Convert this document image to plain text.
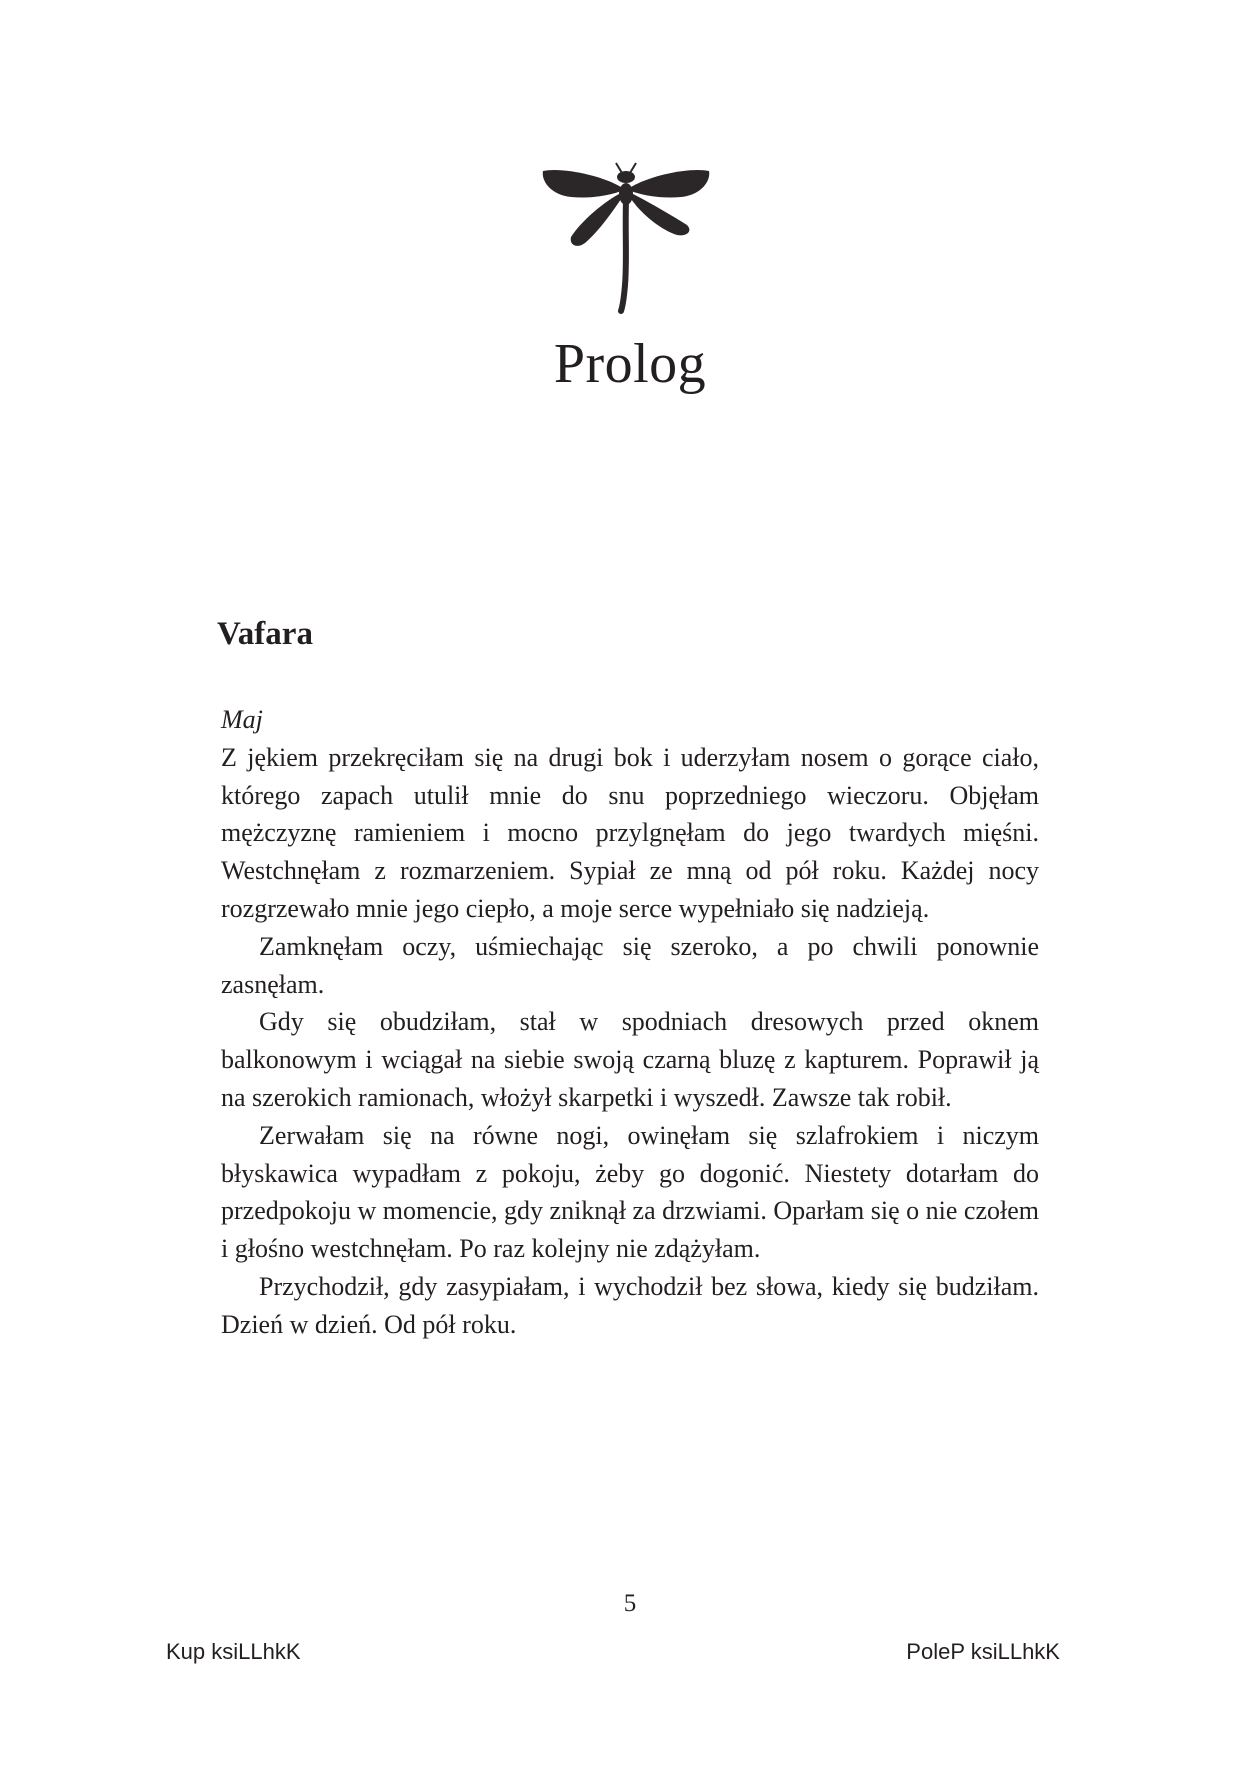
Prolog
Vafara

Maj

Z jękiem przekręciłam się na drugi bok i uderzyłam nosem o gorące ciało, którego zapach utulił mnie do snu poprzedniego wieczoru. Objęłam mężczyznę ramieniem i mocno przylgnęłam do jego twardych mięśni. Westchnęłam z rozmarzeniem. Sypiał ze mną od pół roku. Każdej nocy rozgrzewało mnie jego ciepło, a moje serce wypełniało się nadzieją.

Zamknęłam oczy, uśmiechając się szeroko, a po chwili ponownie zasnęłam.

Gdy się obudziłam, stał w spodniach dresowych przed oknem balkonowym i wciągał na siebie swoją czarną bluzę z kapturem. Poprawił ją na szerokich ramionach, włożył skarpetki i wyszedł. Zawsze tak robił.

Zerwałam się na równe nogi, owinęłam się szlafrokiem i niczym błyskawica wypadłam z pokoju, żeby go dogonić. Niestety dotarłam do przedpokoju w momencie, gdy zniknął za drzwiami. Oparłam się o nie czołem i głośno westchnęłam. Po raz kolejny nie zdążyłam.

Przychodził, gdy zasypiałam, i wychodził bez słowa, kiedy się budziłam. Dzień w dzień. Od pół roku.

5
Kup ksiLLhkK	PoleP ksiLLhkK
